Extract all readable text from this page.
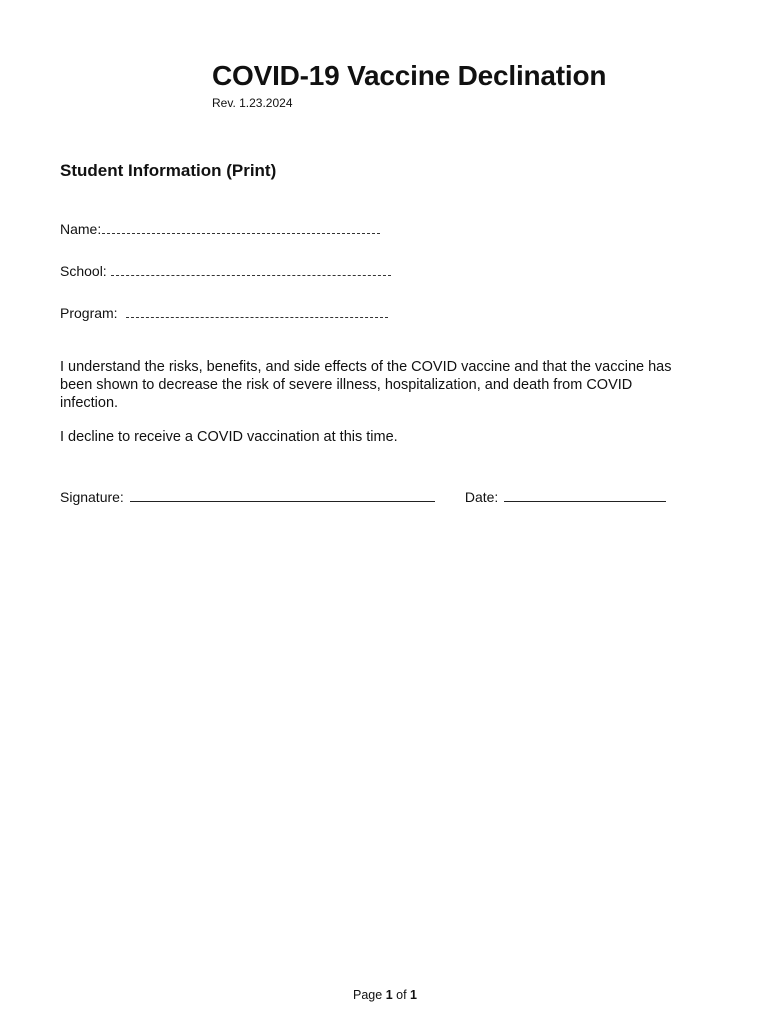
COVID-19 Vaccine Declination
Rev. 1.23.2024
Student Information (Print)
Name:
School:
Program:
I understand the risks, benefits, and side effects of the COVID vaccine and that the vaccine has been shown to decrease the risk of severe illness, hospitalization, and death from COVID infection.
I decline to receive a COVID vaccination at this time.
Signature:	Date:
Page 1 of 1
